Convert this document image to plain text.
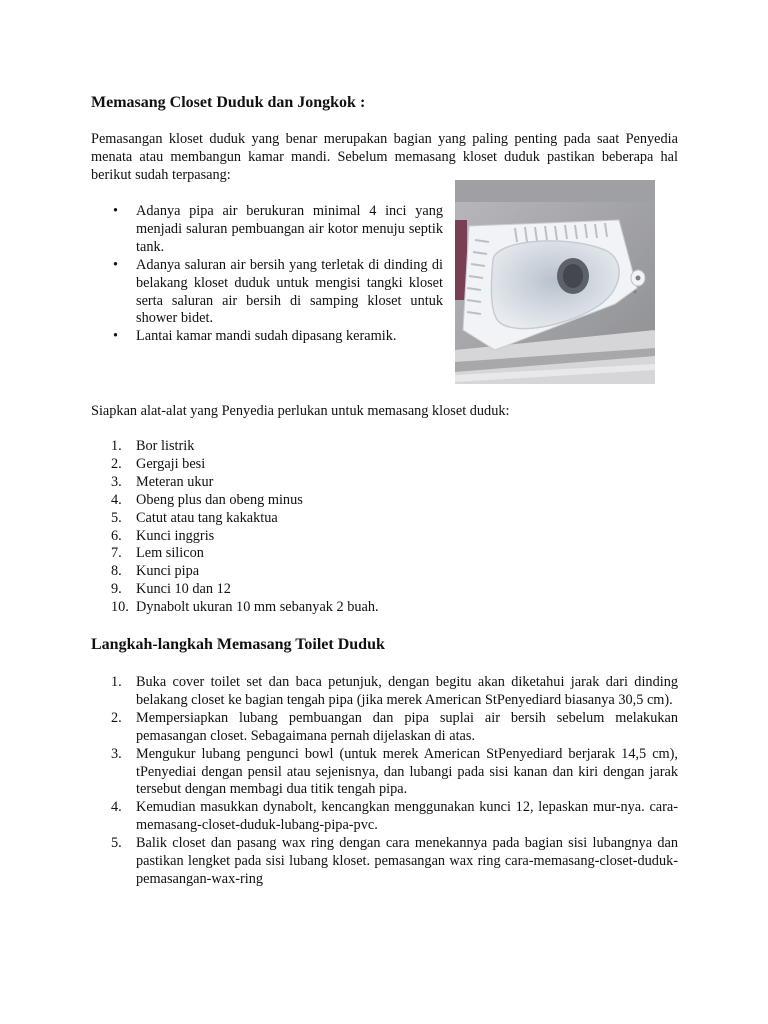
Memasang Closet Duduk dan Jongkok :

Pemasangan kloset duduk yang benar merupakan bagian yang paling penting pada saat Penyedia menata atau membangun kamar mandi. Sebelum memasang kloset duduk pastikan beberapa hal berikut sudah terpasang:

• Adanya pipa air berukuran minimal 4 inci yang menjadi saluran pembuangan air kotor menuju septik tank.
• Adanya saluran air bersih yang terletak di dinding di belakang kloset duduk untuk mengisi tangki kloset serta saluran air bersih di samping kloset untuk shower bidet.
• Lantai kamar mandi sudah dipasang keramik.

Siapkan alat-alat yang Penyedia perlukan untuk memasang kloset duduk:

1. Bor listrik
2. Gergaji besi
3. Meteran ukur
4. Obeng plus dan obeng minus
5. Catut atau tang kakaktua
6. Kunci inggris
7. Lem silicon
8. Kunci pipa
9. Kunci 10 dan 12
10. Dynabolt ukuran 10 mm sebanyak 2 buah.
Langkah-langkah Memasang Toilet Duduk
1. Buka cover toilet set dan baca petunjuk, dengan begitu akan diketahui jarak dari dinding belakang closet ke bagian tengah pipa (jika merek American StPenyediard biasanya 30,5 cm).
2. Mempersiapkan lubang pembuangan dan pipa suplai air bersih sebelum melakukan pemasangan closet. Sebagaimana pernah dijelaskan di atas.
3. Mengukur lubang pengunci bowl (untuk merek American StPenyediard berjarak 14,5 cm), tPenyediai dengan pensil atau sejenisnya, dan lubangi pada sisi kanan dan kiri dengan jarak tersebut dengan membagi dua titik tengah pipa.
4. Kemudian masukkan dynabolt, kencangkan menggunakan kunci 12, lepaskan mur-nya. cara-memasang-closet-duduk-lubang-pipa-pvc.
5. Balik closet dan pasang wax ring dengan cara menekannya pada bagian sisi lubangnya dan pastikan lengket pada sisi lubang kloset. pemasangan wax ring cara-memasang-closet-duduk-pemasangan-wax-ring
